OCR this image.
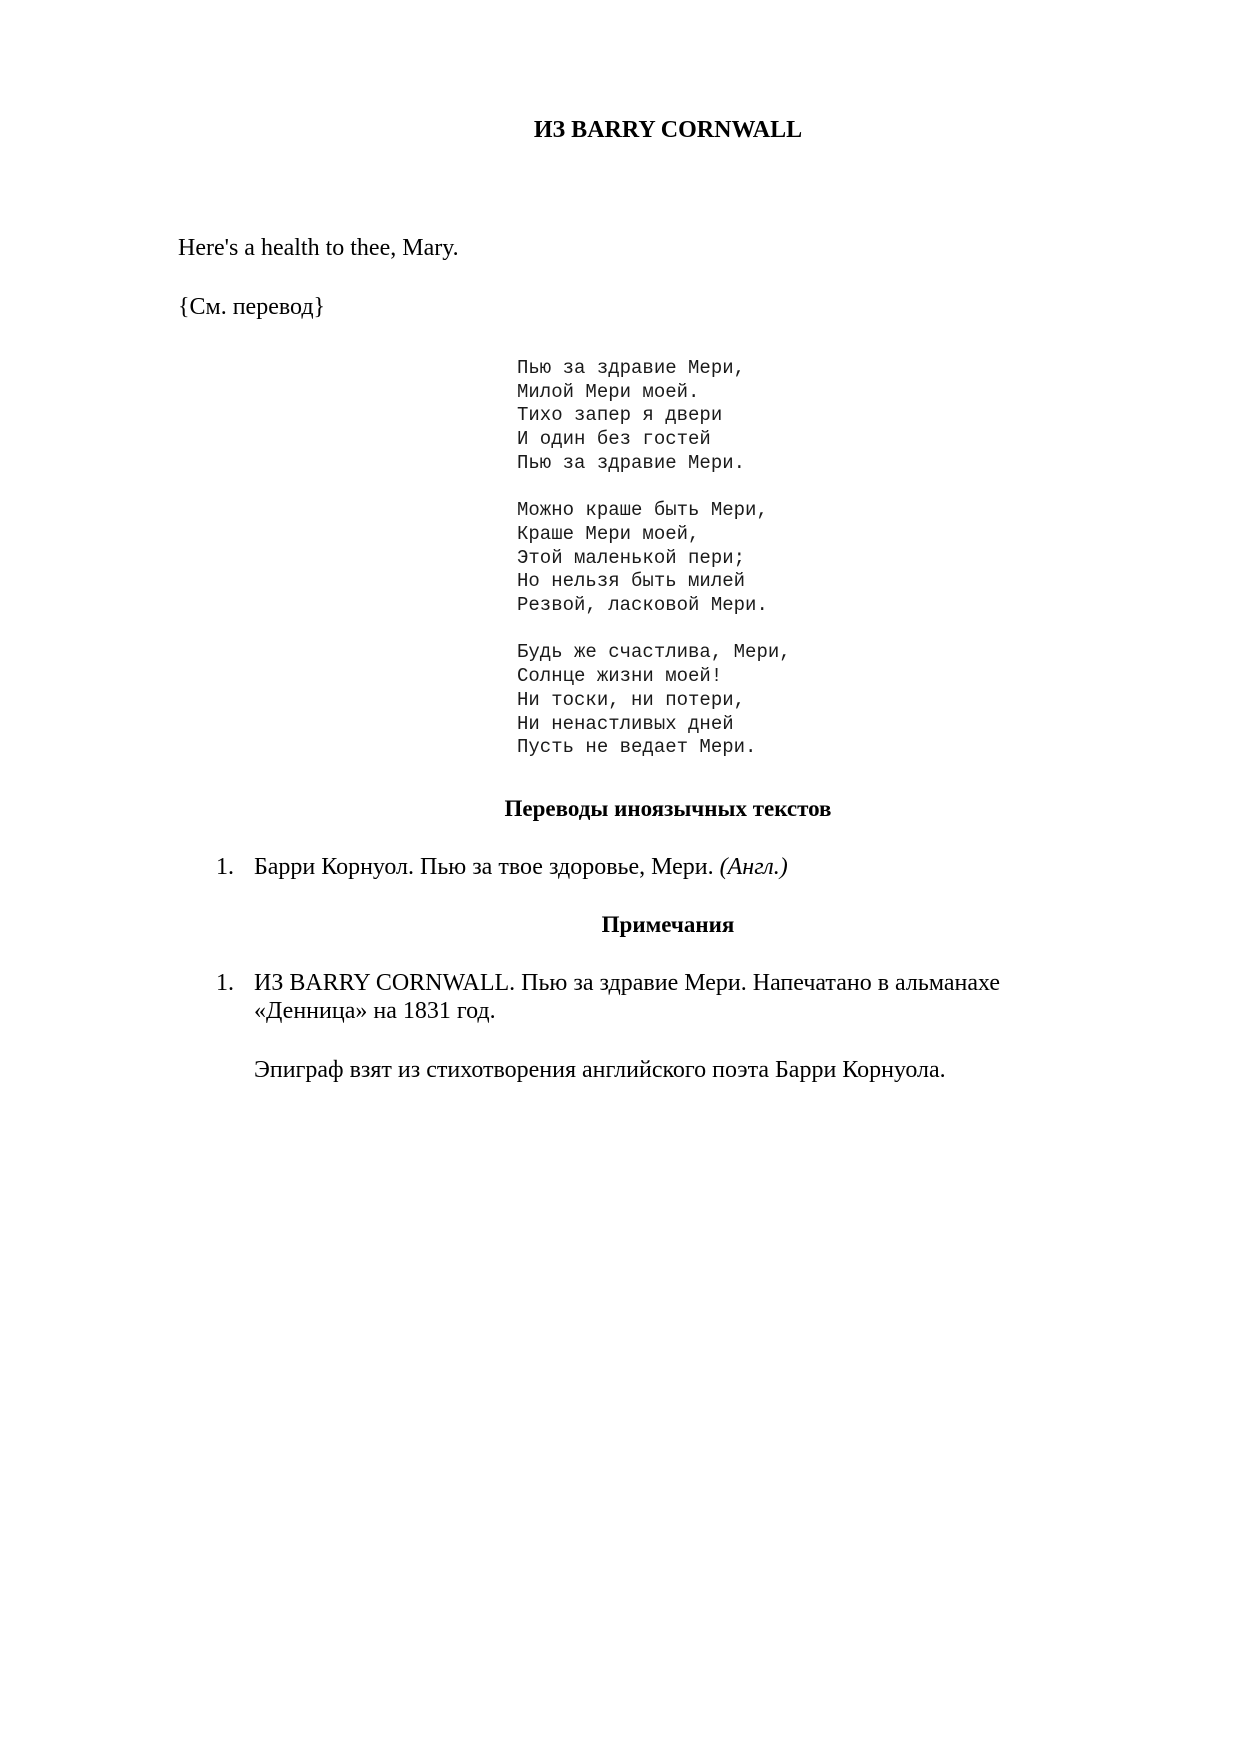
ИЗ BARRY CORNWALL

Here's a health to thee, Mary.

{См. перевод}

Пью за здравие Мери,
Милой Мери моей.
Тихо запер я двери
И один без гостей
Пью за здравие Мери.
Можно краше быть Мери,
Краше Мери моей,
Этой маленькой пери;
Но нельзя быть милей
Резвой, ласковой Мери.
Будь же счастлива, Мери,
Солнце жизни моей!
Ни тоски, ни потери,
Ни ненастливых дней
Пусть не ведает Мери.
Переводы иноязычных текстов
1. Барри Корнуол. Пью за твое здоровье, Мери. (Англ.)
Примечания
1. ИЗ BARRY CORNWALL. Пью за здравие Мери. Напечатано в альманахе «Денница» на 1831 год.

Эпиграф взят из стихотворения английского поэта Барри Корнуола.
